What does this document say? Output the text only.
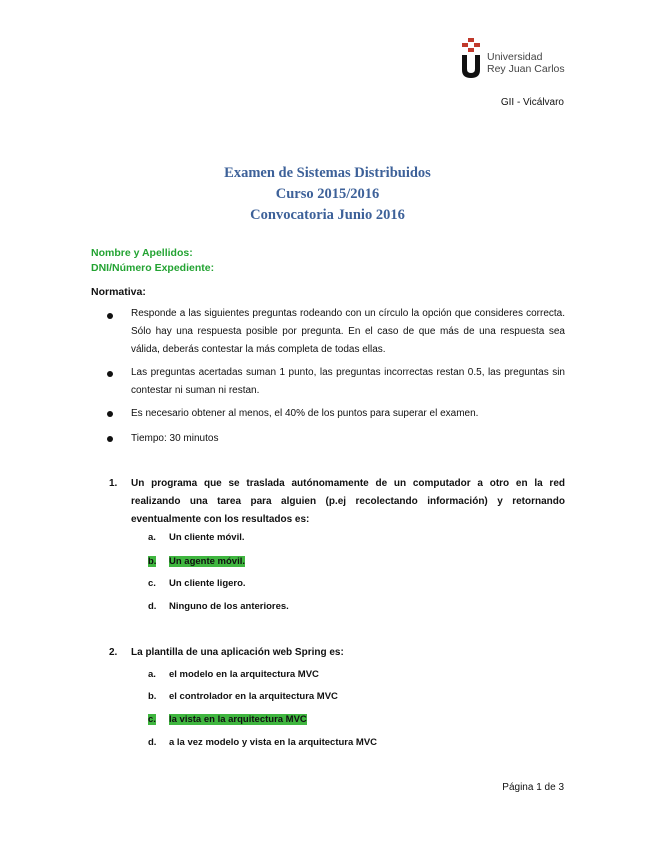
Universidad
Rey Juan Carlos
GII - Vicálvaro
Examen de Sistemas Distribuidos
Curso 2015/2016
Convocatoria Junio 2016
Nombre y Apellidos:
DNI/Número Expediente:
Normativa:
Responde a las siguientes preguntas rodeando con un círculo la opción que consideres correcta. Sólo hay una respuesta posible por pregunta. En el caso de que más de una respuesta sea válida, deberás contestar la más completa de todas ellas.
Las preguntas acertadas suman 1 punto, las preguntas incorrectas restan 0.5, las preguntas sin contestar ni suman ni restan.
Es necesario obtener al menos, el 40% de los puntos para superar el examen.
Tiempo: 30 minutos
1. Un programa que se traslada autónomamente de un computador a otro en la red realizando una tarea para alguien (p.ej recolectando información) y retornando eventualmente con los resultados es:
a. Un cliente móvil.
b. Un agente móvil.
c. Un cliente ligero.
d. Ninguno de los anteriores.
2. La plantilla de una aplicación web Spring es:
a. el modelo en la arquitectura MVC
b. el controlador en la arquitectura MVC
c. la vista en la arquitectura MVC
d. a la vez modelo y vista en la arquitectura MVC
Página 1 de 3
